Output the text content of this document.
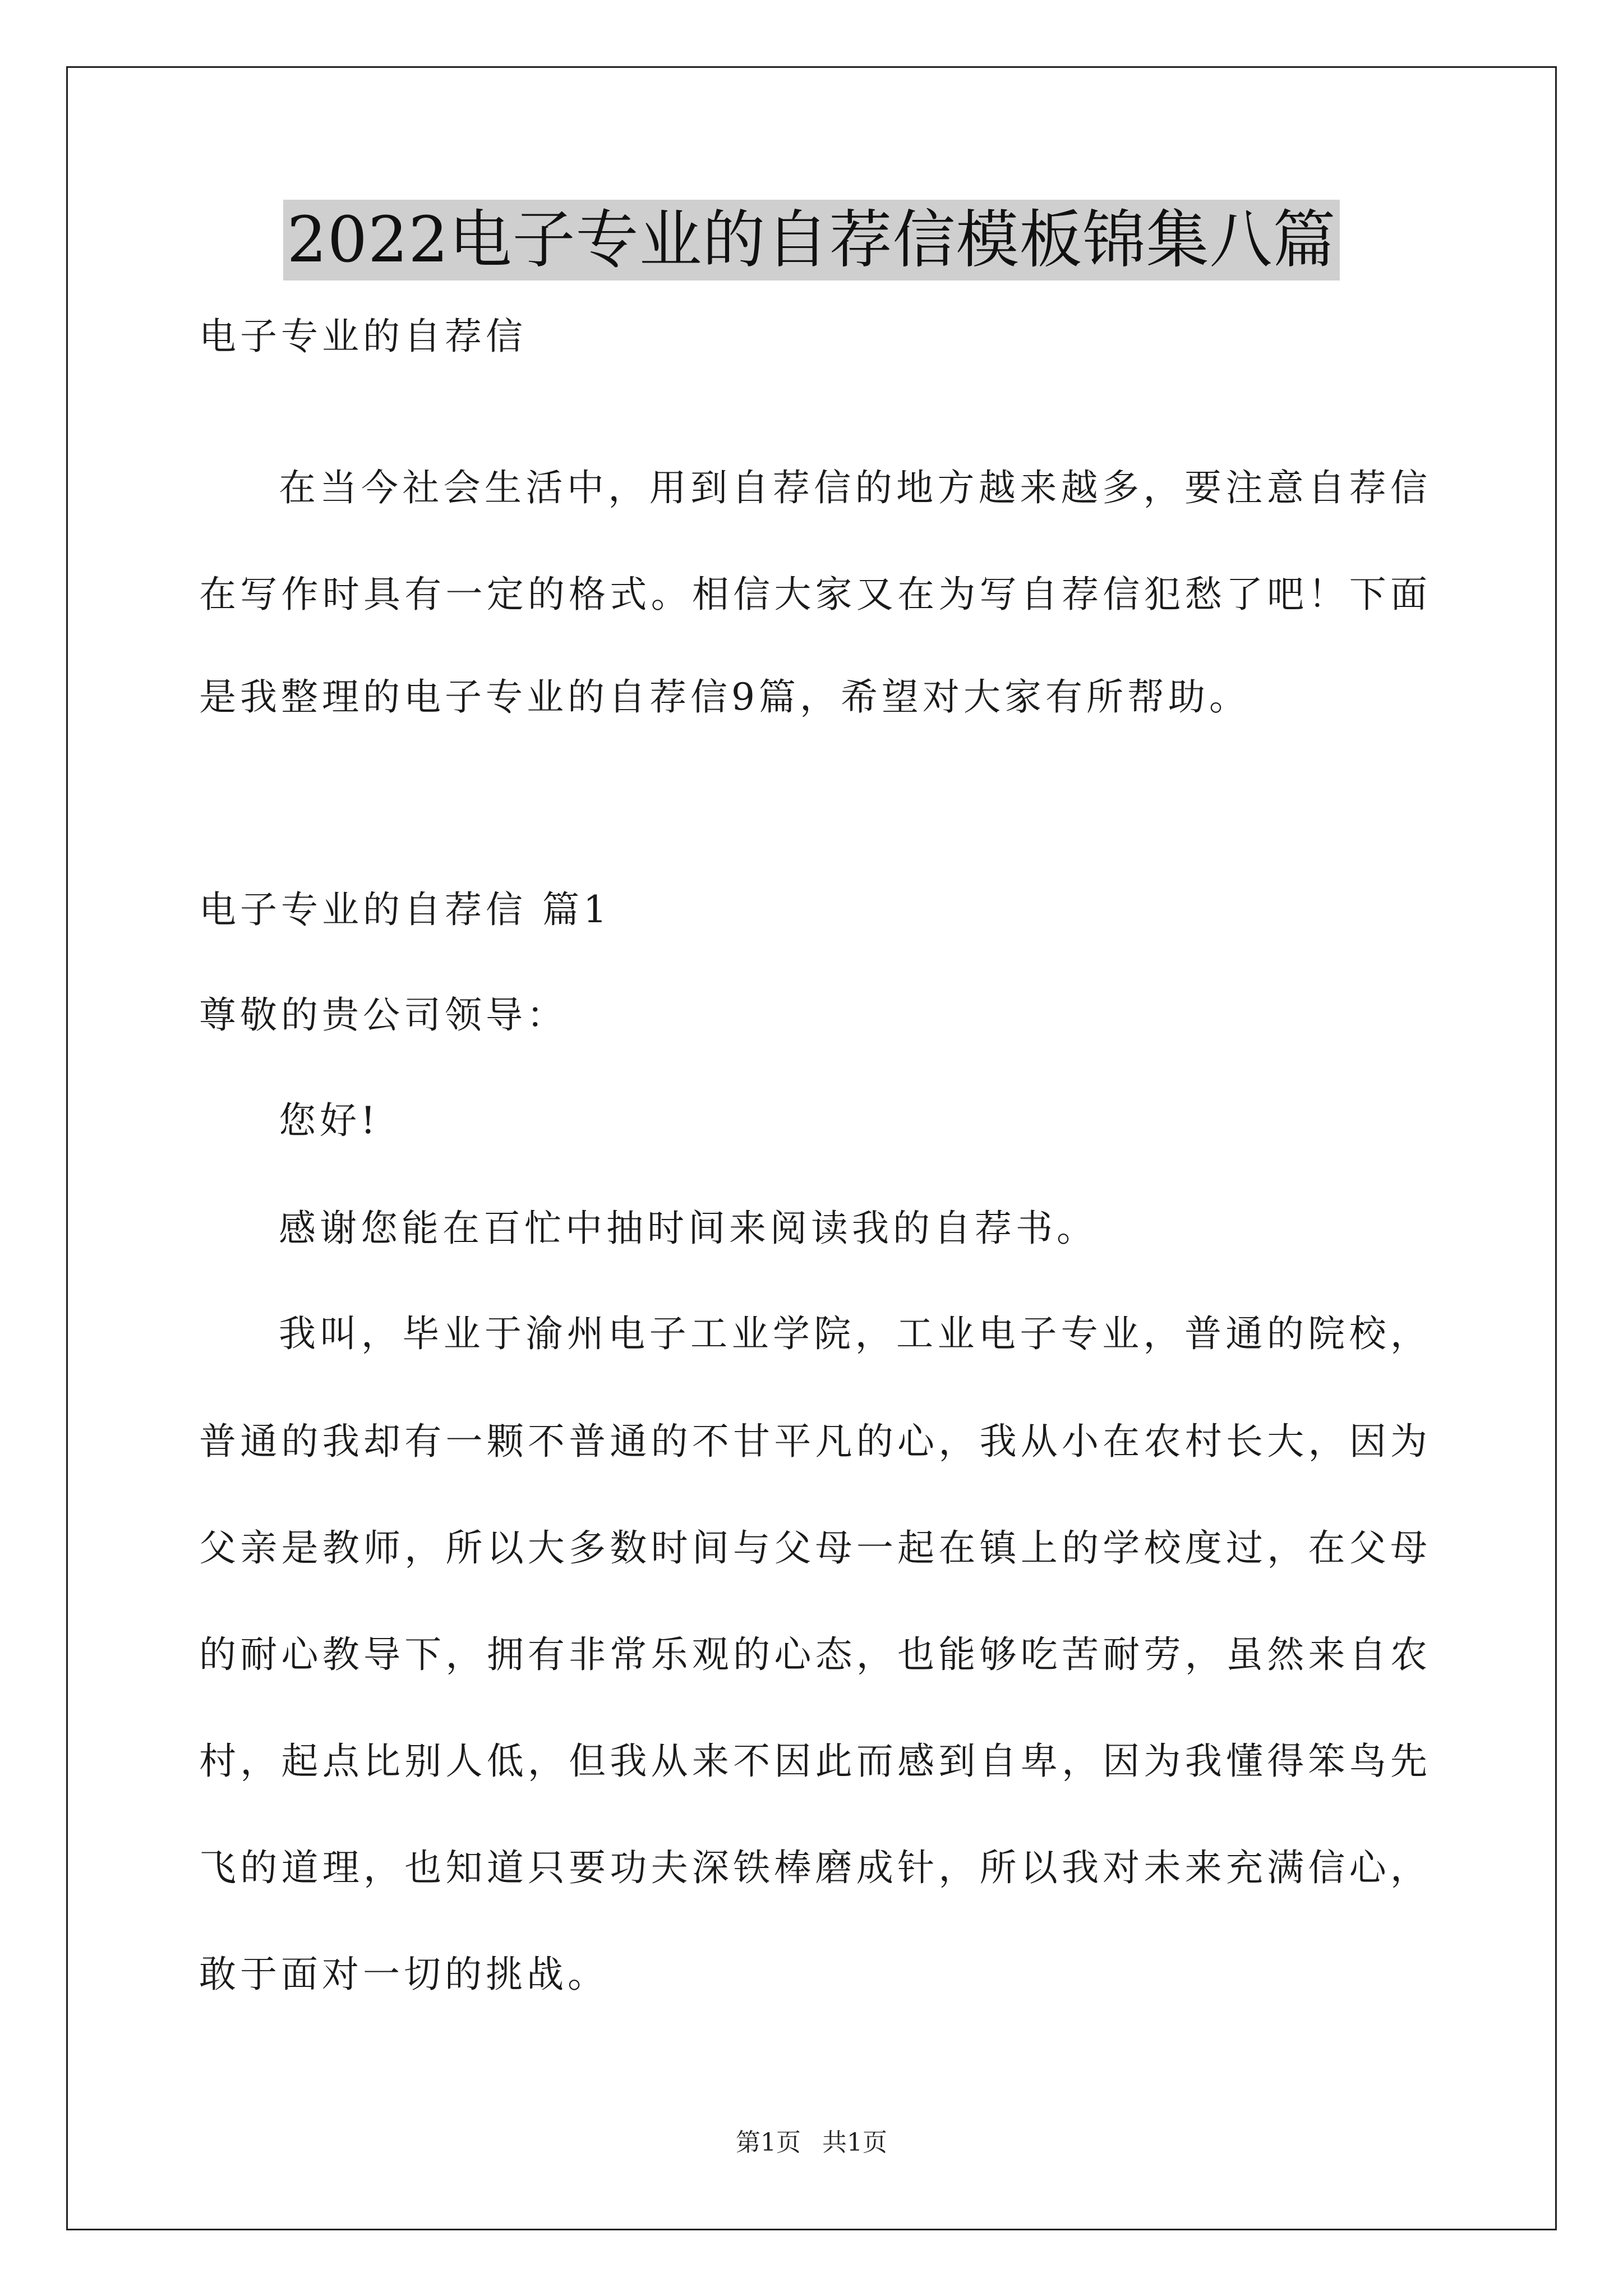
2022电子专业的自荐信模板锦集八篇
电子专业的自荐信
在当今社会生活中，用到自荐信的地方越来越多，要注意自荐信
在写作时具有一定的格式。相信大家又在为写自荐信犯愁了吧！下面
是我整理的电子专业的自荐信9篇，希望对大家有所帮助。
电子专业的自荐信 篇1
尊敬的贵公司领导：
您好!
感谢您能在百忙中抽时间来阅读我的自荐书。
我叫，毕业于渝州电子工业学院，工业电子专业，普通的院校，
普通的我却有一颗不普通的不甘平凡的心，我从小在农村长大，因为
父亲是教师，所以大多数时间与父母一起在镇上的学校度过，在父母
的耐心教导下，拥有非常乐观的心态，也能够吃苦耐劳，虽然来自农
村，起点比别人低，但我从来不因此而感到自卑，因为我懂得笨鸟先
飞的道理，也知道只要功夫深铁棒磨成针，所以我对未来充满信心，
敢于面对一切的挑战。
第1页 共1页
